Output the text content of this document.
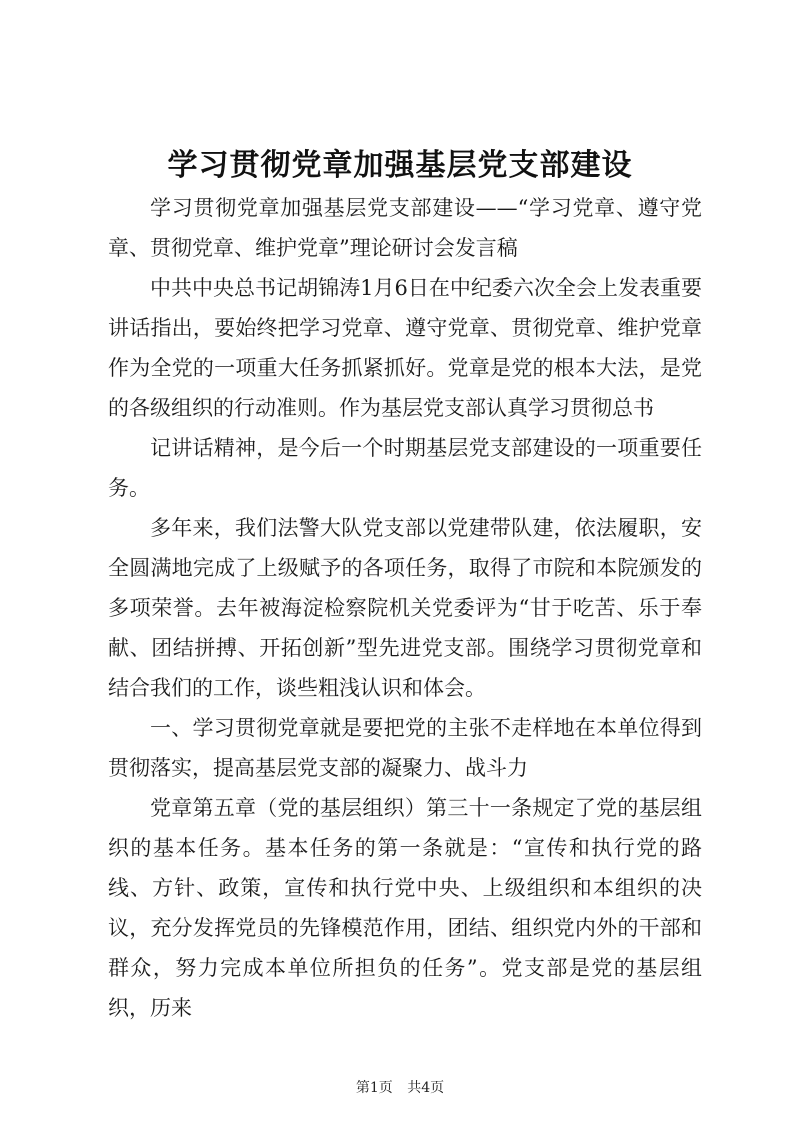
学习贯彻党章加强基层党支部建设

学习贯彻党章加强基层党支部建设——“学习党章、遵守党章、贯彻党章、维护党章”理论研讨会发言稿

中共中央总书记胡锦涛1月6日在中纪委六次全会上发表重要讲话指出，要始终把学习党章、遵守党章、贯彻党章、维护党章作为全党的一项重大任务抓紧抓好。党章是党的根本大法，是党的各级组织的行动准则。作为基层党支部认真学习贯彻总书

记讲话精神，是今后一个时期基层党支部建设的一项重要任务。

多年来，我们法警大队党支部以党建带队建，依法履职，安全圆满地完成了上级赋予的各项任务，取得了市院和本院颁发的多项荣誉。去年被海淀检察院机关党委评为“甘于吃苦、乐于奉献、团结拼搏、开拓创新”型先进党支部。围绕学习贯彻党章和结合我们的工作，谈些粗浅认识和体会。

一、学习贯彻党章就是要把党的主张不走样地在本单位得到贯彻落实，提高基层党支部的凝聚力、战斗力

党章第五章（党的基层组织）第三十一条规定了党的基层组织的基本任务。基本任务的第一条就是：“宣传和执行党的路线、方针、政策，宣传和执行党中央、上级组织和本组织的决议，充分发挥党员的先锋模范作用，团结、组织党内外的干部和群众，努力完成本单位所担负的任务”。党支部是党的基层组织，历来

第1页 共4页
